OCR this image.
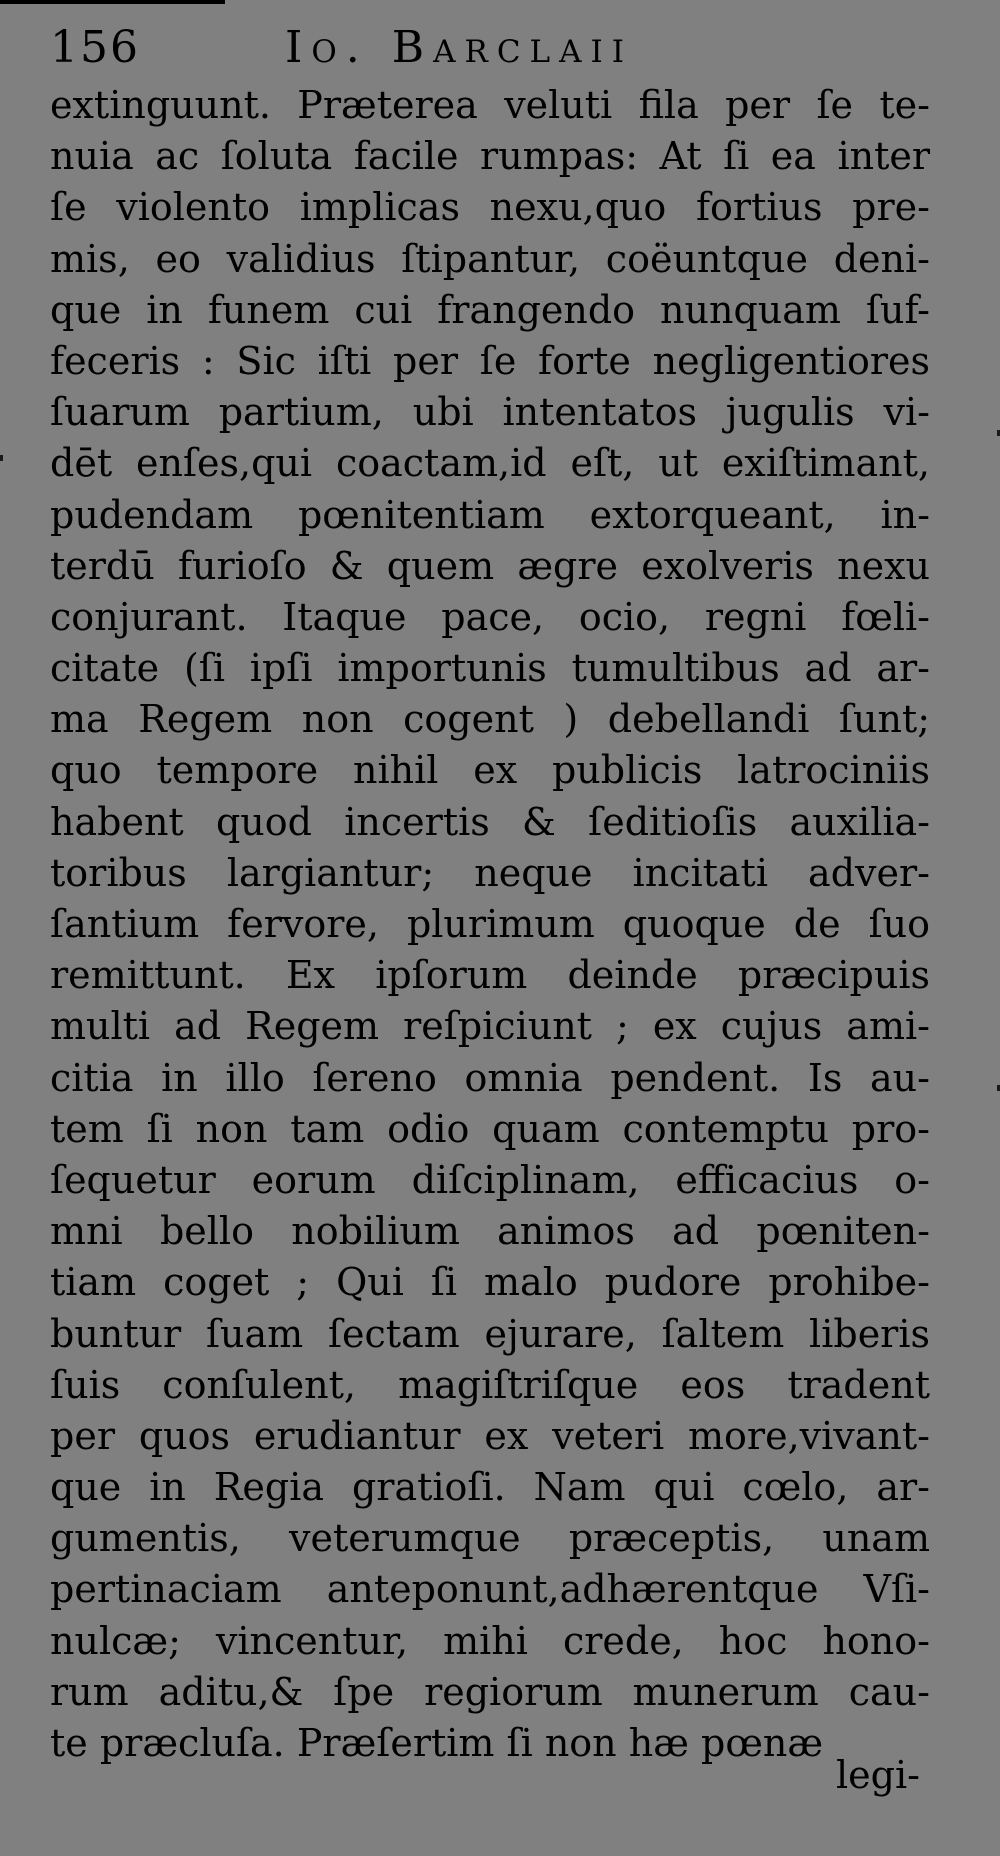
156	Io. Barclaii
extinguunt. Præterea veluti fila per ſe te-
nuia ac ſoluta facile rumpas: At ſi ea inter
ſe violento implicas nexu,quo fortius pre-
mis, eo validius ſtipantur, coëuntque deni-
que in funem cui frangendo nunquam ſuf-
feceris : Sic iſti per ſe forte negligentiores
ſuarum partium, ubi intentatos jugulis vi-
dēt enſes,qui coactam,id eſt, ut exiſtimant,
pudendam pœnitentiam extorqueant, in-
terdū furioſo & quem ægre exolveris nexu
conjurant. Itaque pace, ocio, regni fœli-
citate (ſi ipſi importunis tumultibus ad ar-
ma Regem non cogent ) debellandi ſunt;
quo tempore nihil ex publicis latrociniis
habent quod incertis & ſeditioſis auxilia-
toribus largiantur; neque incitati adver-
ſantium fervore, plurimum quoque de ſuo
remittunt. Ex ipſorum deinde præcipuis
multi ad Regem reſpiciunt ; ex cujus ami-
citia in illo ſereno omnia pendent. Is au-
tem ſi non tam odio quam contemptu pro-
ſequetur eorum diſciplinam, efficacius o-
mni bello nobilium animos ad pœniten-
tiam coget ; Qui ſi malo pudore prohibe-
buntur ſuam ſectam ejurare, ſaltem liberis
ſuis conſulent, magiſtriſque eos tradent
per quos erudiantur ex veteri more,vivant-
que in Regia gratioſi. Nam qui cœlo, ar-
gumentis, veterumque præceptis, unam
pertinaciam anteponunt,adhærentque Vſi-
nulcæ; vincentur, mihi crede, hoc hono-
rum aditu,& ſpe regiorum munerum cau-
te præcluſa. Præſertim ſi non hæ pœnæ
legi-
